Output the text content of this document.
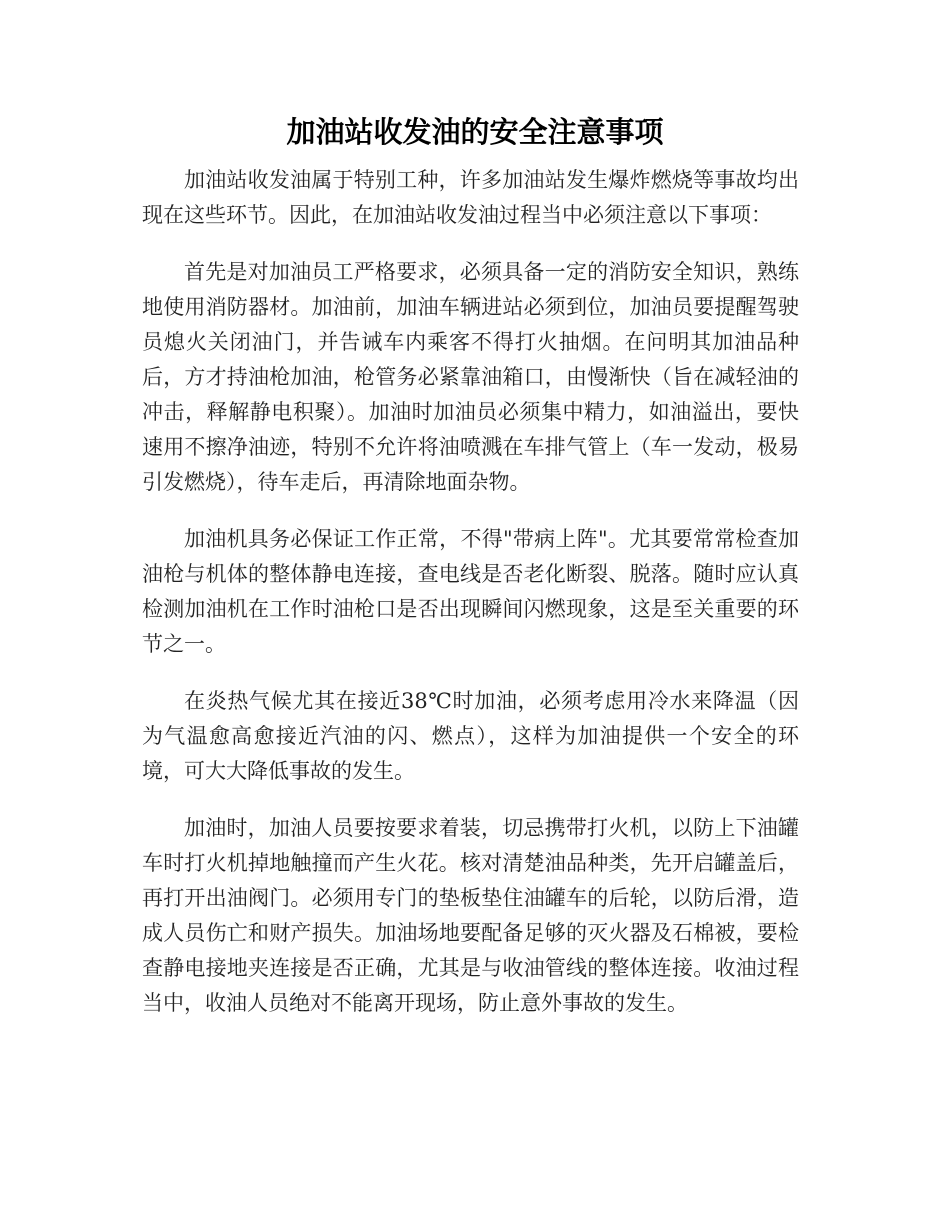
加油站收发油的安全注意事项

加油站收发油属于特别工种，许多加油站发生爆炸燃烧等事故均出现在这些环节。因此，在加油站收发油过程当中必须注意以下事项：

首先是对加油员工严格要求，必须具备一定的消防安全知识，熟练地使用消防器材。加油前，加油车辆进站必须到位，加油员要提醒驾驶员熄火关闭油门，并告诫车内乘客不得打火抽烟。在问明其加油品种后，方才持油枪加油，枪管务必紧靠油箱口，由慢渐快（旨在减轻油的冲击，释解静电积聚）。加油时加油员必须集中精力，如油溢出，要快速用不擦净油迹，特别不允许将油喷溅在车排气管上（车一发动，极易引发燃烧），待车走后，再清除地面杂物。

加油机具务必保证工作正常，不得"带病上阵"。尤其要常常检查加油枪与机体的整体静电连接，查电线是否老化断裂、脱落。随时应认真检测加油机在工作时油枪口是否出现瞬间闪燃现象，这是至关重要的环节之一。

在炎热气候尤其在接近38℃时加油，必须考虑用冷水来降温（因为气温愈高愈接近汽油的闪、燃点），这样为加油提供一个安全的环境，可大大降低事故的发生。

加油时，加油人员要按要求着装，切忌携带打火机，以防上下油罐车时打火机掉地触撞而产生火花。核对清楚油品种类，先开启罐盖后，再打开出油阀门。必须用专门的垫板垫住油罐车的后轮，以防后滑，造成人员伤亡和财产损失。加油场地要配备足够的灭火器及石棉被，要检查静电接地夹连接是否正确，尤其是与收油管线的整体连接。收油过程当中，收油人员绝对不能离开现场，防止意外事故的发生。
